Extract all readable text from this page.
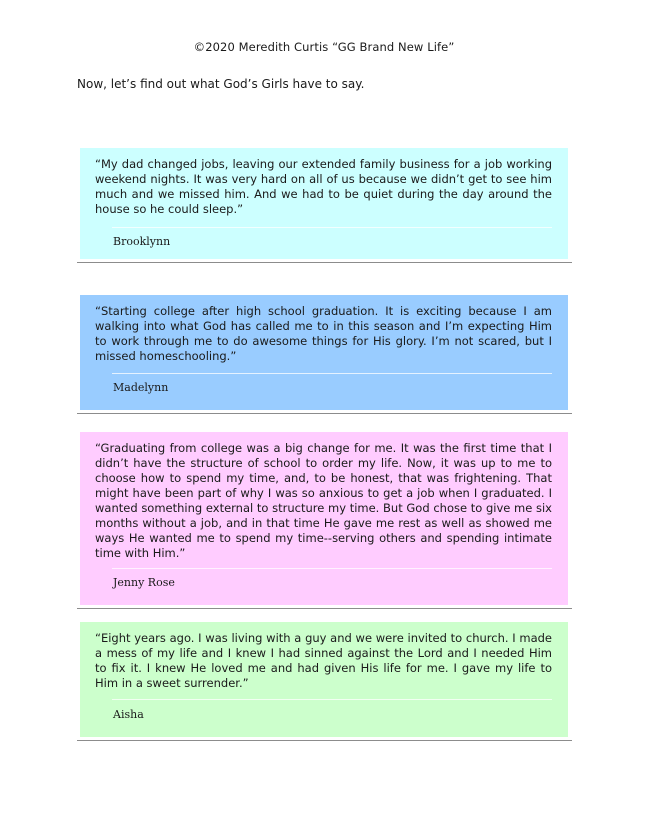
©2020 Meredith Curtis “GG Brand New Life”
Now, let’s find out what God’s Girls have to say.

“My dad changed jobs, leaving our extended family business for a job working weekend nights. It was very hard on all of us because we didn’t get to see him much and we missed him. And we had to be quiet during the day around the house so he could sleep.”

Brooklynn

“Starting college after high school graduation. It is exciting because I am walking into what God has called me to in this season and I’m expecting Him to work through me to do awesome things for His glory. I’m not scared, but I missed homeschooling.”

Madelynn

“Graduating from college was a big change for me. It was the first time that I didn’t have the structure of school to order my life. Now, it was up to me to choose how to spend my time, and, to be honest, that was frightening. That might have been part of why I was so anxious to get a job when I graduated. I wanted something external to structure my time. But God chose to give me six months without a job, and in that time He gave me rest as well as showed me ways He wanted me to spend my time--serving others and spending intimate time with Him.”

Jenny Rose

“Eight years ago. I was living with a guy and we were invited to church. I made a mess of my life and I knew I had sinned against the Lord and I needed Him to fix it. I knew He loved me and had given His life for me. I gave my life to Him in a sweet surrender.”

Aisha
